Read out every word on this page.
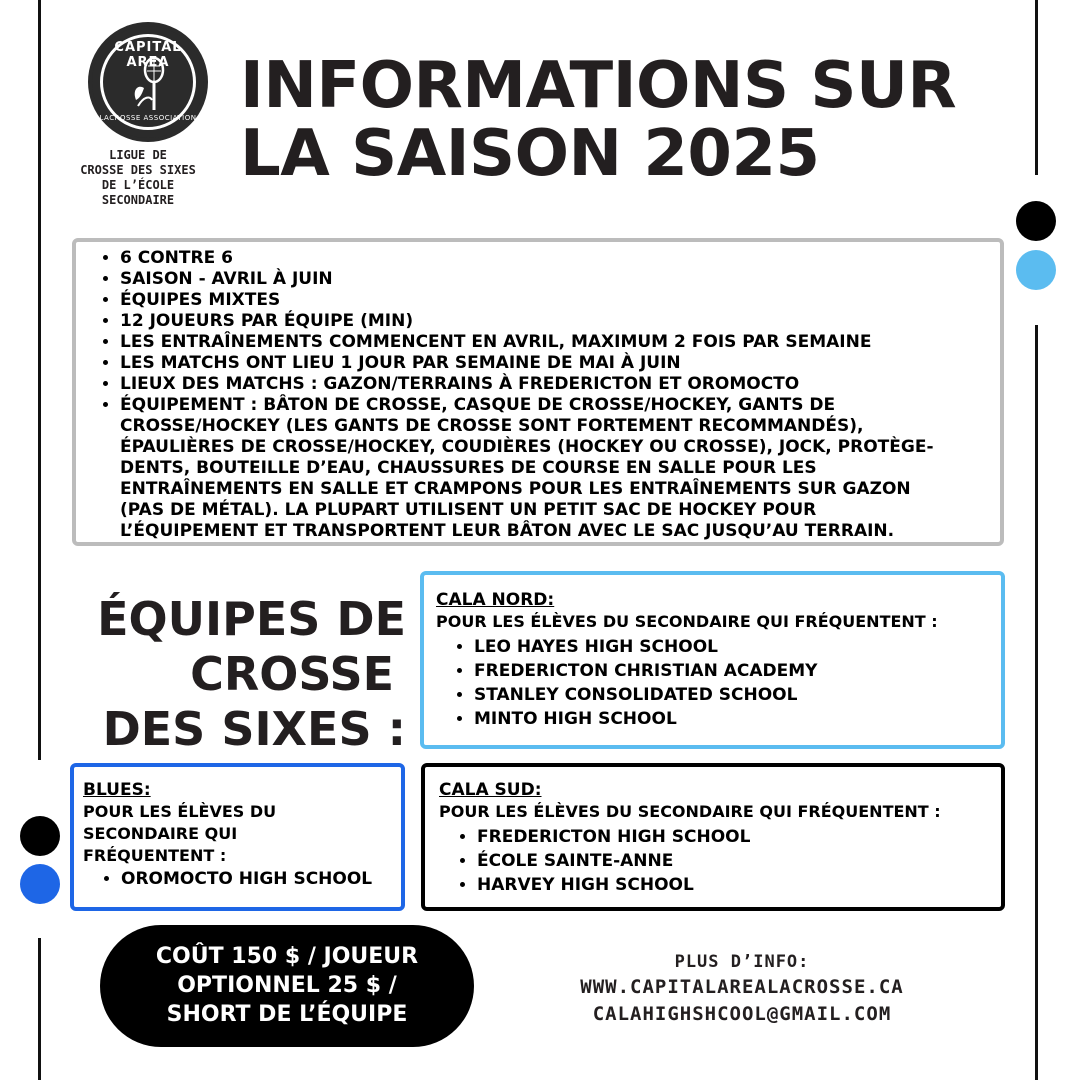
CAPITAL AREA
LACROSSE ASSOCIATION
LIGUE DE
CROSSE DES SIXES
DE L’ÉCOLE
SECONDAIRE
INFORMATIONS SUR
LA SAISON 2025
• 6 CONTRE 6
• SAISON - AVRIL À JUIN
• ÉQUIPES MIXTES
• 12 JOUEURS PAR ÉQUIPE (MIN)
• LES ENTRAÎNEMENTS COMMENCENT EN AVRIL, MAXIMUM 2 FOIS PAR SEMAINE
• LES MATCHS ONT LIEU 1 JOUR PAR SEMAINE DE MAI À JUIN
• LIEUX DES MATCHS : GAZON/TERRAINS À FREDERICTON ET OROMOCTO
• ÉQUIPEMENT : BÂTON DE CROSSE, CASQUE DE CROSSE/HOCKEY, GANTS DE CROSSE/HOCKEY (LES GANTS DE CROSSE SONT FORTEMENT RECOMMANDÉS), ÉPAULIÈRES DE CROSSE/HOCKEY, COUDIÈRES (HOCKEY OU CROSSE), JOCK, PROTÈGE-DENTS, BOUTEILLE D’EAU, CHAUSSURES DE COURSE EN SALLE POUR LES ENTRAÎNEMENTS EN SALLE ET CRAMPONS POUR LES ENTRAÎNEMENTS SUR GAZON (PAS DE MÉTAL). LA PLUPART UTILISENT UN PETIT SAC DE HOCKEY POUR L’ÉQUIPEMENT ET TRANSPORTENT LEUR BÂTON AVEC LE SAC JUSQU’AU TERRAIN.
ÉQUIPES DE
CROSSE
DES SIXES :
CALA NORD:
POUR LES ÉLÈVES DU SECONDAIRE QUI FRÉQUENTENT :
• LEO HAYES HIGH SCHOOL
• FREDERICTON CHRISTIAN ACADEMY
• STANLEY CONSOLIDATED SCHOOL
• MINTO HIGH SCHOOL
BLUES:
POUR LES ÉLÈVES DU
SECONDAIRE QUI
FRÉQUENTENT :
• OROMOCTO HIGH SCHOOL
CALA SUD:
POUR LES ÉLÈVES DU SECONDAIRE QUI FRÉQUENTENT :
• FREDERICTON HIGH SCHOOL
• ÉCOLE SAINTE-ANNE
• HARVEY HIGH SCHOOL
COÛT 150 $ / JOUEUR
OPTIONNEL 25 $ /
SHORT DE L’ÉQUIPE
PLUS D’INFO:
WWW.CAPITALAREALACROSSE.CA
CALAHIGHSHCOOL@GMAIL.COM
